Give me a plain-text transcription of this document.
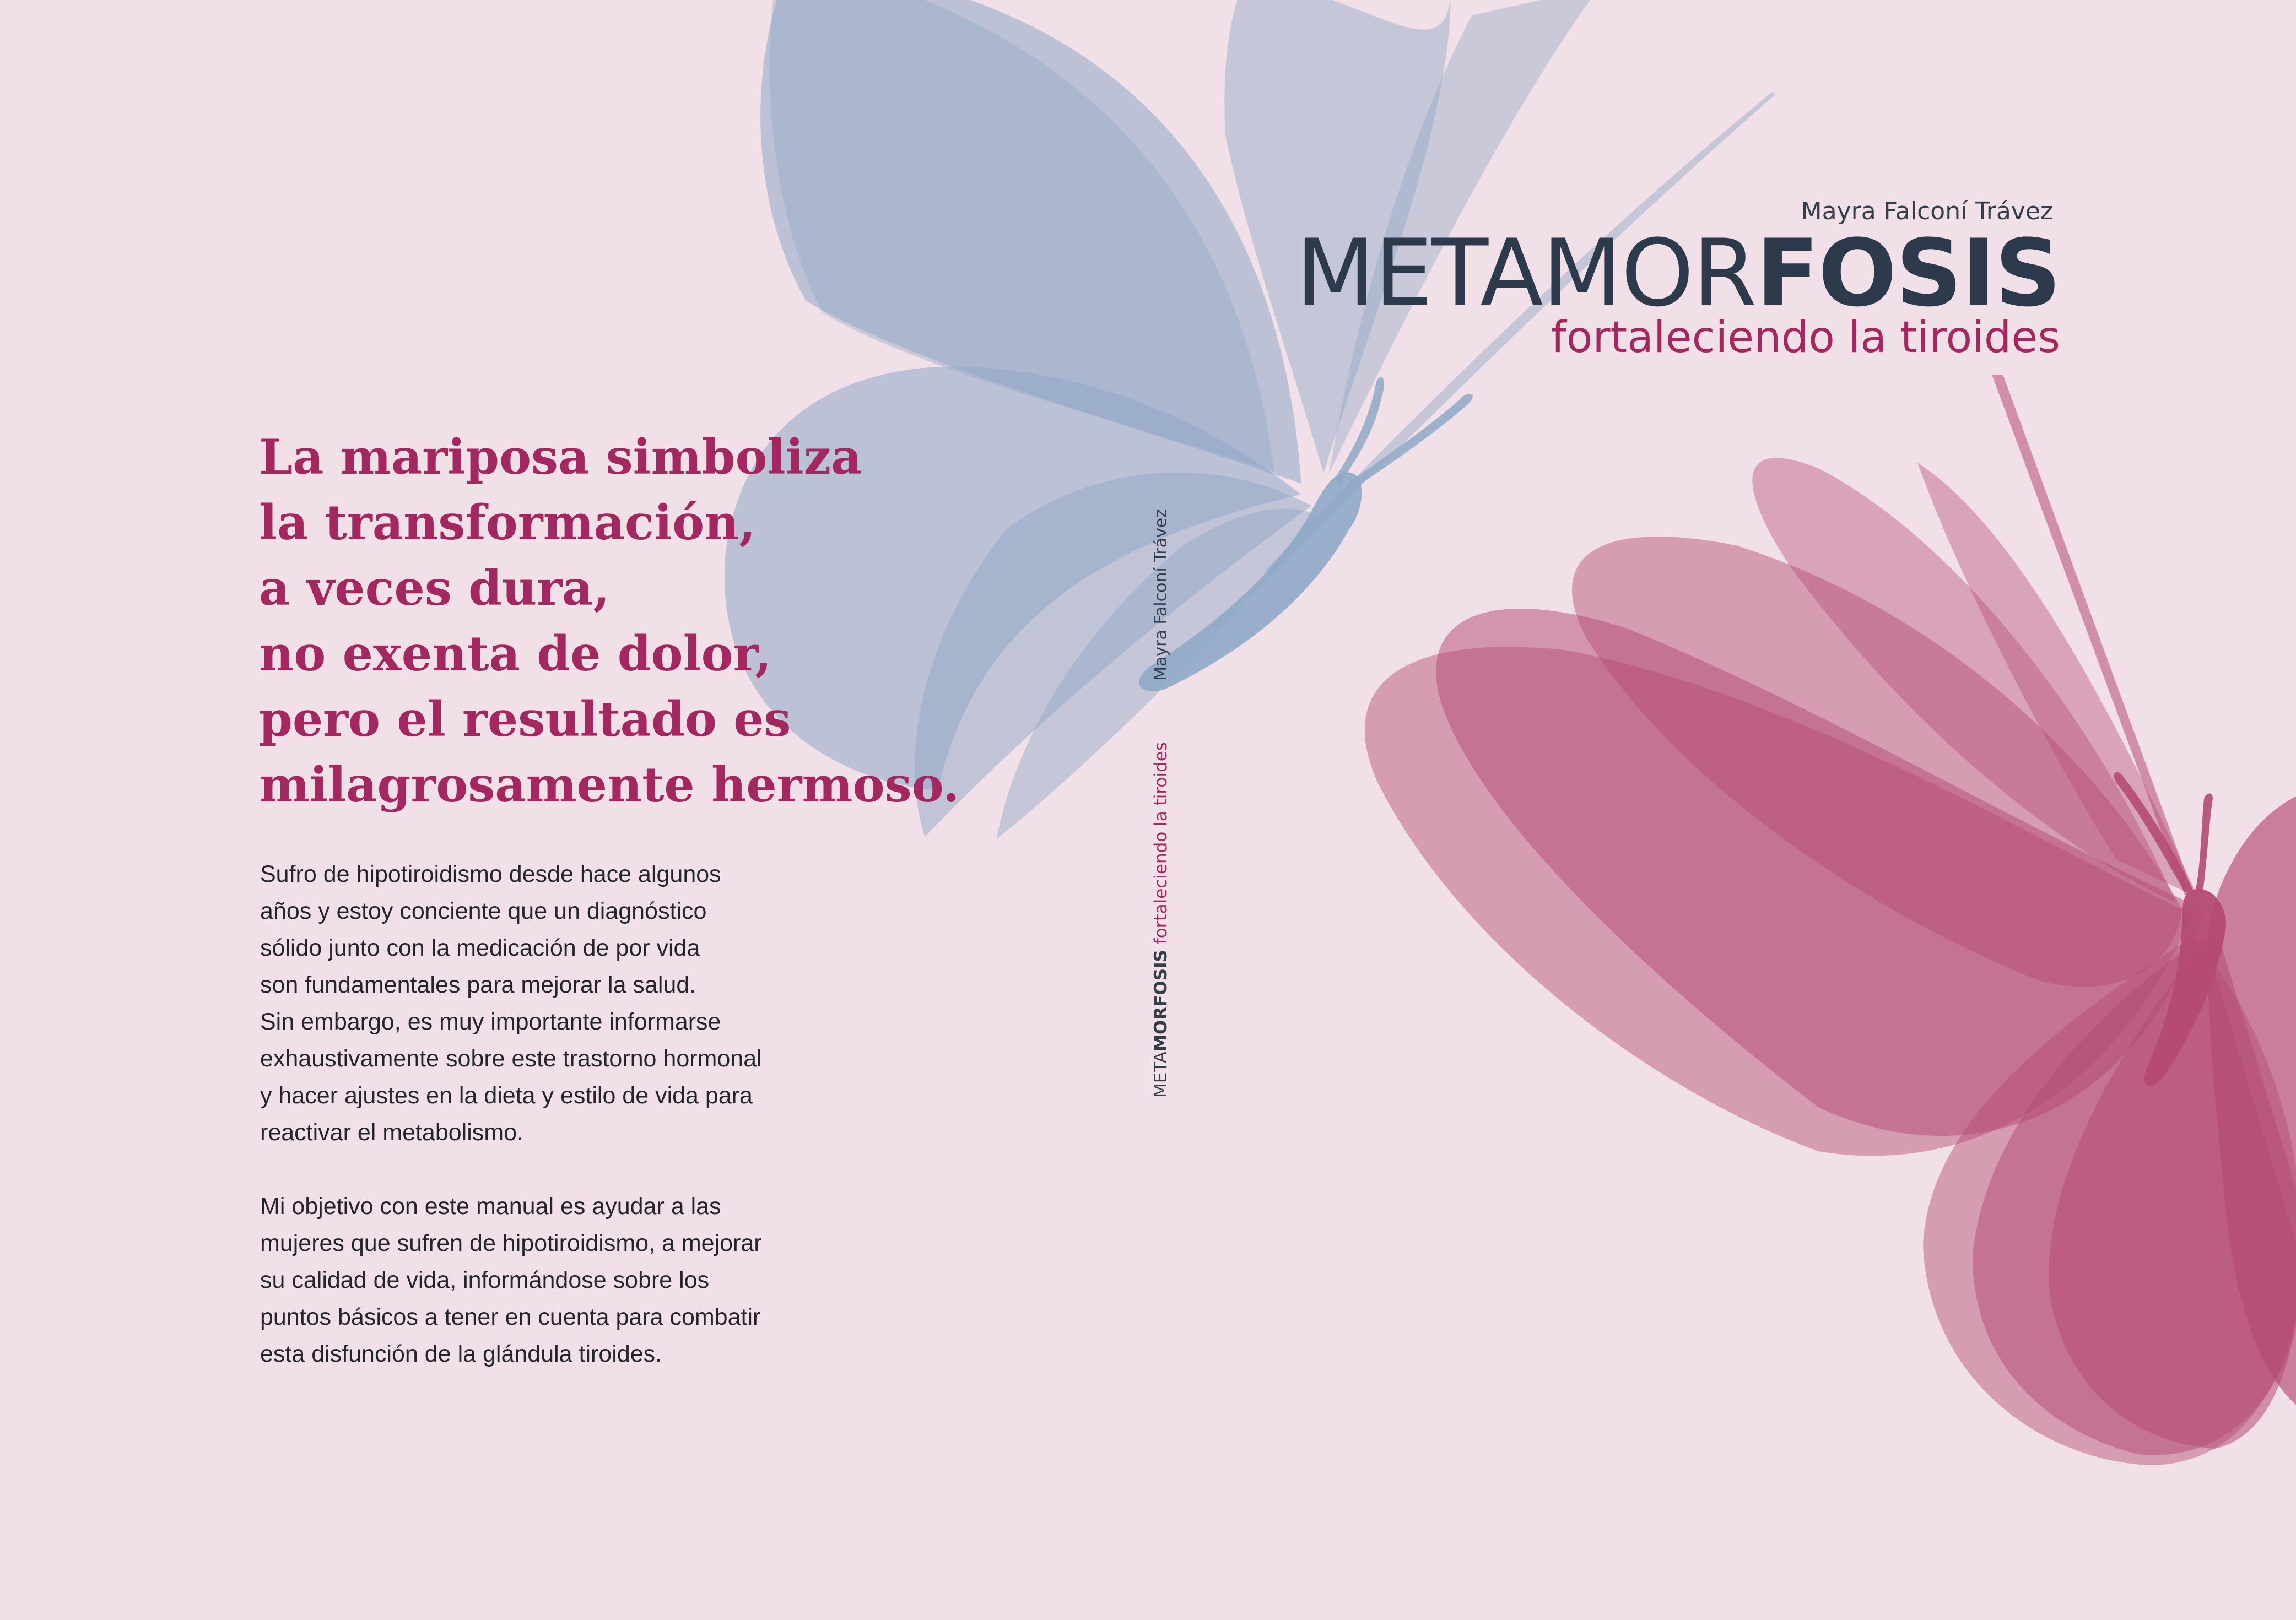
Mayra Falconí Trávez
METAMORFOSIS
fortaleciendo la tiroides
La mariposa simboliza
la transformación,
a veces dura,
no exenta de dolor,
pero el resultado es
milagrosamente hermoso.

Sufro de hipotiroidismo desde hace algunos
años y estoy conciente que un diagnóstico
sólido junto con la medicación de por vida
son fundamentales para mejorar la salud.
Sin embargo, es muy importante informarse
exhaustivamente sobre este trastorno hormonal
y hacer ajustes en la dieta y estilo de vida para
reactivar el metabolismo.

Mi objetivo con este manual es ayudar a las
mujeres que sufren de hipotiroidismo, a mejorar
su calidad de vida, informándose sobre los
puntos básicos a tener en cuenta para combatir
esta disfunción de la glándula tiroides.

Mayra Falconí Trávez
METAMORFOSIS fortaleciendo la tiroides
